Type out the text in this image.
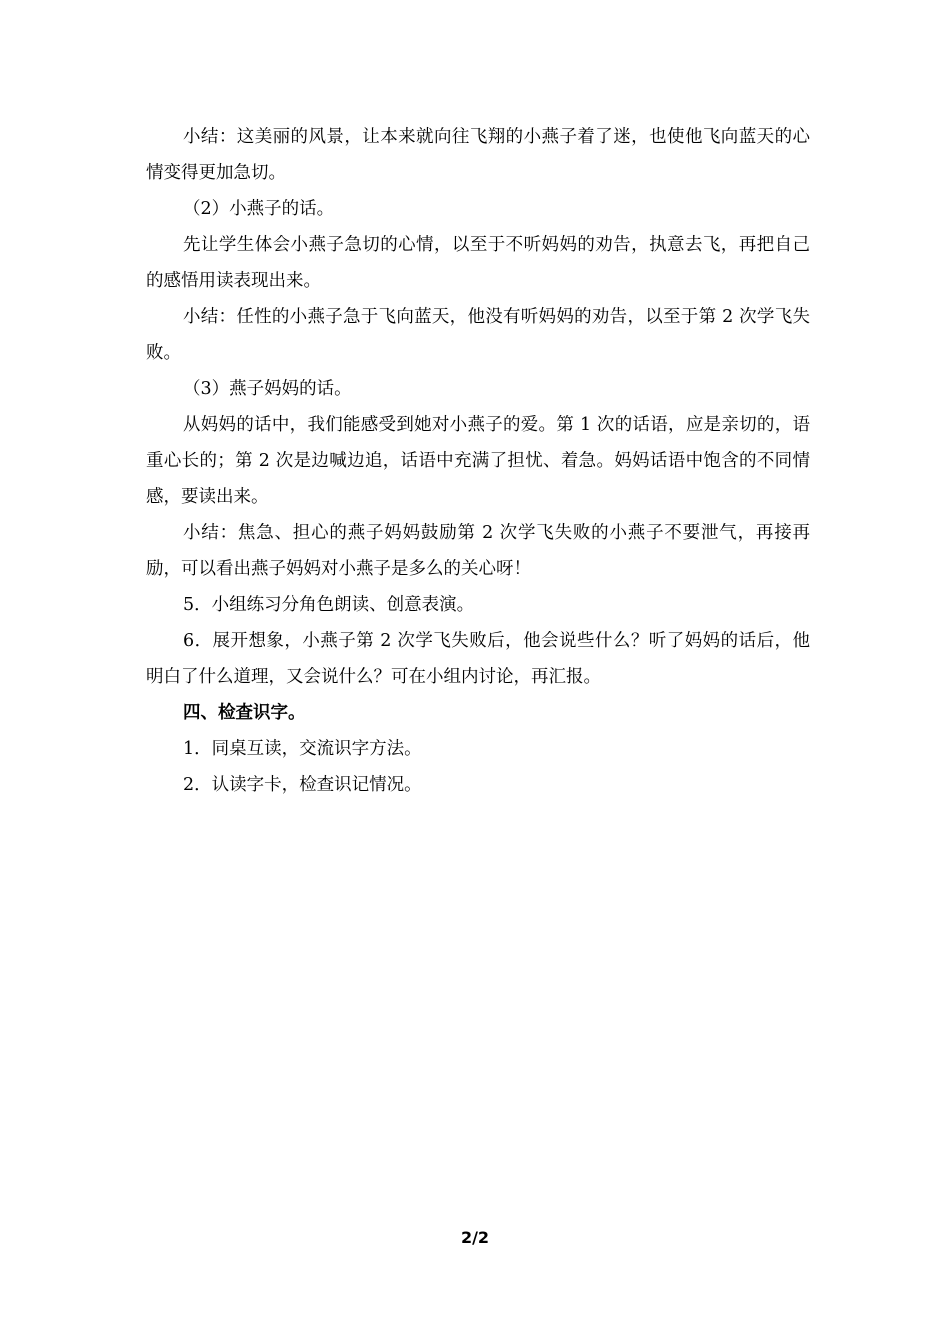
小结：这美丽的风景，让本来就向往飞翔的小燕子着了迷，也使他飞向蓝天的心情变得更加急切。

（2）小燕子的话。

先让学生体会小燕子急切的心情，以至于不听妈妈的劝告，执意去飞，再把自己的感悟用读表现出来。

小结：任性的小燕子急于飞向蓝天，他没有听妈妈的劝告，以至于第 2 次学飞失败。

（3）燕子妈妈的话。

从妈妈的话中，我们能感受到她对小燕子的爱。第 1 次的话语，应是亲切的，语重心长的；第 2 次是边喊边追，话语中充满了担忧、着急。妈妈话语中饱含的不同情感，要读出来。

小结：焦急、担心的燕子妈妈鼓励第 2 次学飞失败的小燕子不要泄气，再接再励，可以看出燕子妈妈对小燕子是多么的关心呀！

5．小组练习分角色朗读、创意表演。

6．展开想象，小燕子第 2 次学飞失败后，他会说些什么？听了妈妈的话后，他明白了什么道理，又会说什么？可在小组内讨论，再汇报。

四、检查识字。

1．同桌互读，交流识字方法。

2．认读字卡，检查识记情况。

2/2
